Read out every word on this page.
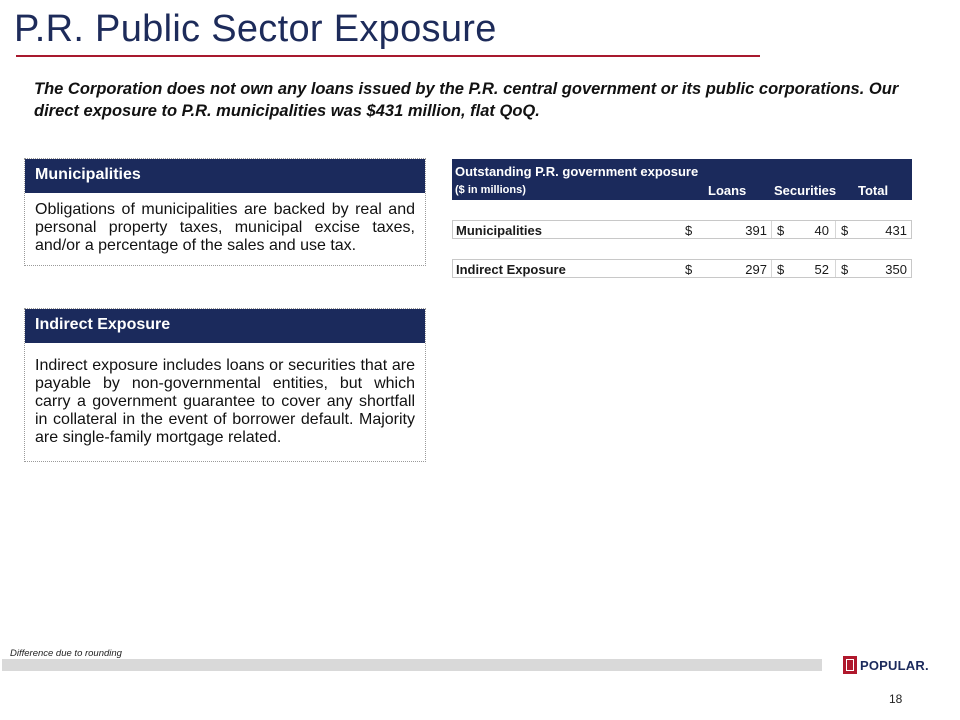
P.R. Public Sector Exposure
The Corporation does not own any loans issued by the P.R. central government or its public corporations. Our direct exposure to P.R. municipalities was $431 million, flat QoQ.
Municipalities
Obligations of municipalities are backed by real and personal property taxes, municipal excise taxes, and/or a percentage of the sales and use tax.
Indirect Exposure
Indirect exposure includes loans or securities that are payable by non-governmental entities, but which carry a government guarantee to cover any shortfall in collateral in the event of borrower default. Majority are single-family mortgage related.
Outstanding P.R. government exposure
($ in millions)	Loans Securities Total
Municipalities	$	391 $	40 $	431
Indirect Exposure	$	297 $	52 $	350
Difference due to rounding
POPULAR.
18
